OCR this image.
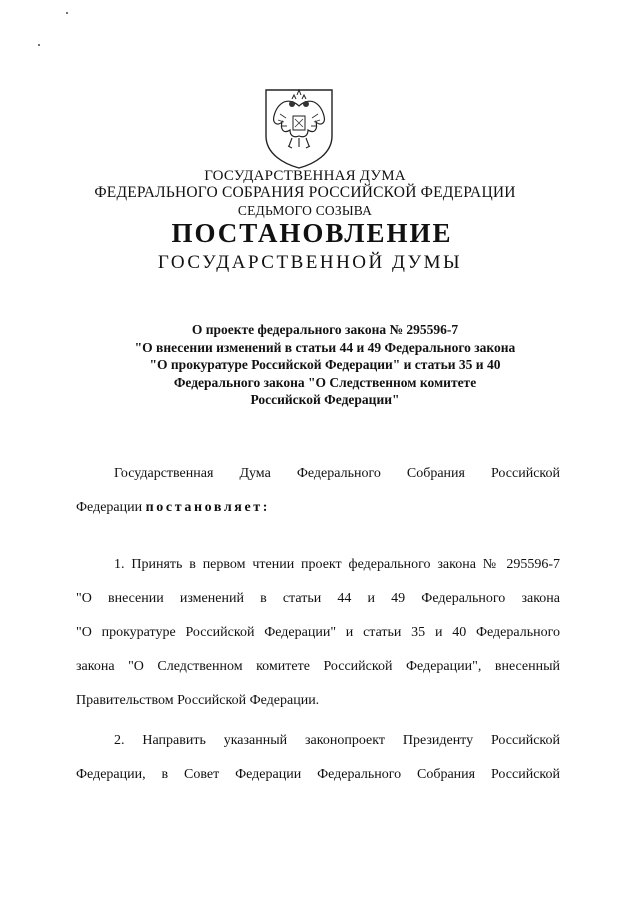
ГОСУДАРСТВЕННАЯ ДУМА
ФЕДЕРАЛЬНОГО СОБРАНИЯ РОССИЙСКОЙ ФЕДЕРАЦИИ
СЕДЬМОГО СОЗЫВА
ПОСТАНОВЛЕНИЕ
ГОСУДАРСТВЕННОЙ ДУМЫ
О проекте федерального закона № 295596-7
"О внесении изменений в статьи 44 и 49 Федерального закона
"О прокуратуре Российской Федерации" и статьи 35 и 40
Федерального закона "О Следственном комитете
Российской Федерации"

Государственная Дума Федерального Собрания Российской

Федерации постановляет:

1. Принять в первом чтении проект федерального закона № 295596-7

"О внесении изменений в статьи 44 и 49 Федерального закона

"О прокуратуре Российской Федерации" и статьи 35 и 40 Федерального

закона "О Следственном комитете Российской Федерации", внесенный

Правительством Российской Федерации.

2. Направить указанный законопроект Президенту Российской

Федерации, в Совет Федерации Федерального Собрания Российской
